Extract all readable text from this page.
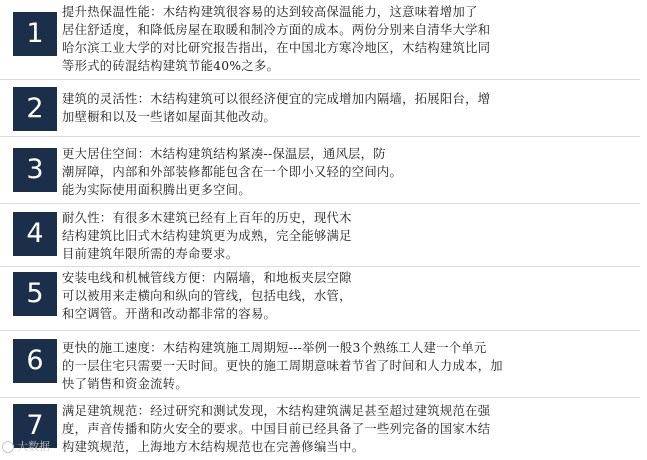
1
提升热保温性能：木结构建筑很容易的达到较高保温能力，这意味着增加了
居住舒适度，和降低房屋在取暖和制冷方面的成本。两份分别来自清华大学和
哈尔滨工业大学的对比研究报告指出，在中国北方寒冷地区，木结构建筑比同
等形式的砖混结构建筑节能40%之多。
2	建筑的灵活性：木结构建筑可以很经济便宜的完成增加内隔墙，拓展阳台，增
加壁橱和以及一些诸如屋面其他改动。
3	更大居住空间：木结构建筑结构紧凑--保温层，通风层，防
潮屏障，内部和外部装修都能包含在一个即小又轻的空间内。
能为实际使用面积腾出更多空间。
4	耐久性：有很多木建筑已经有上百年的历史，现代木
结构建筑比旧式木结构建筑更为成熟，完全能够满足
目前建筑年限所需的寿命要求。
5	安装电线和机械管线方便：内隔墙，和地板夹层空隙
可以被用来走横向和纵向的管线，包括电线，水管，
和空调管。开凿和改动都非常的容易。
6	更快的施工速度：木结构建筑施工周期短---举例一般3个熟练工人建一个单元
的一层住宅只需要一天时间。更快的施工周期意味着节省了时间和人力成本，加
快了销售和资金流转。
7	满足建筑规范：经过研究和测试发现，木结构建筑满足甚至超过建筑规范在强
度，声音传播和防火安全的要求。中国目前已经具备了一些列完备的国家木结
构建筑规范，上海地方木结构规范也在完善修编当中。
大数据
